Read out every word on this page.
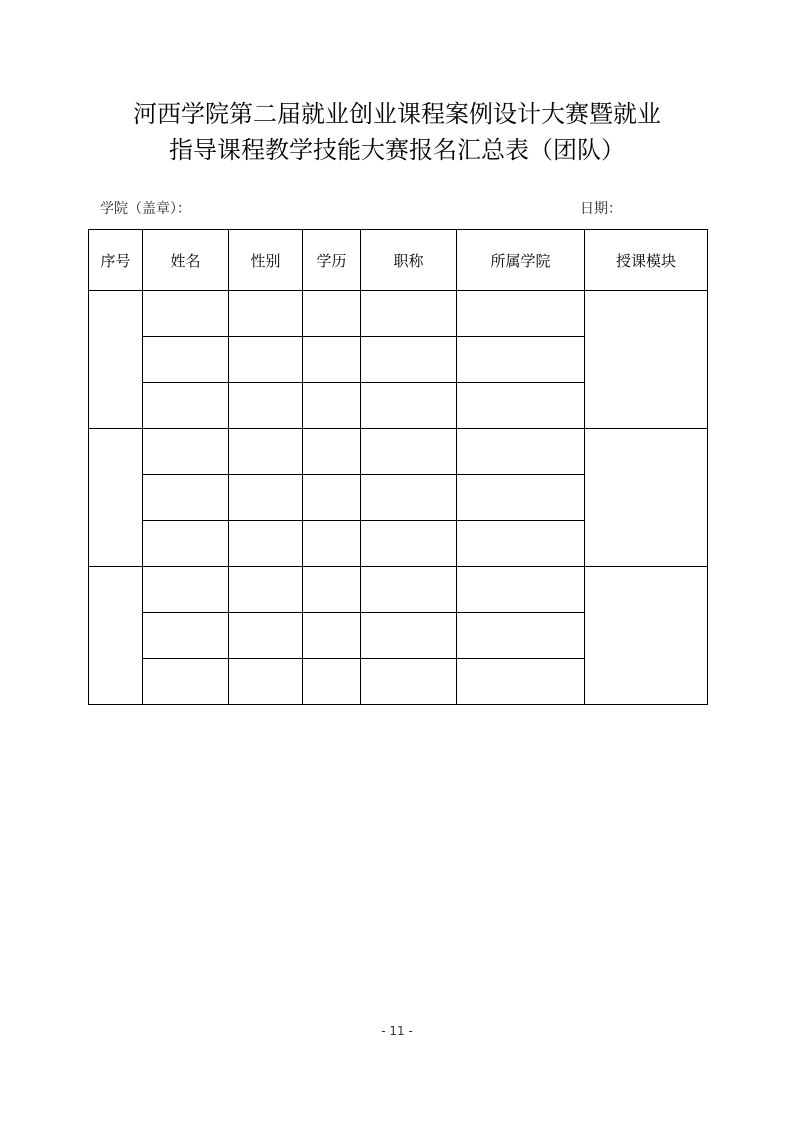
河西学院第二届就业创业课程案例设计大赛暨就业
指导课程教学技能大赛报名汇总表（团队）
学院（盖章）：	日期：
序号	姓名	性别	学历	职称	所属学院	授课模块

- 11 -
